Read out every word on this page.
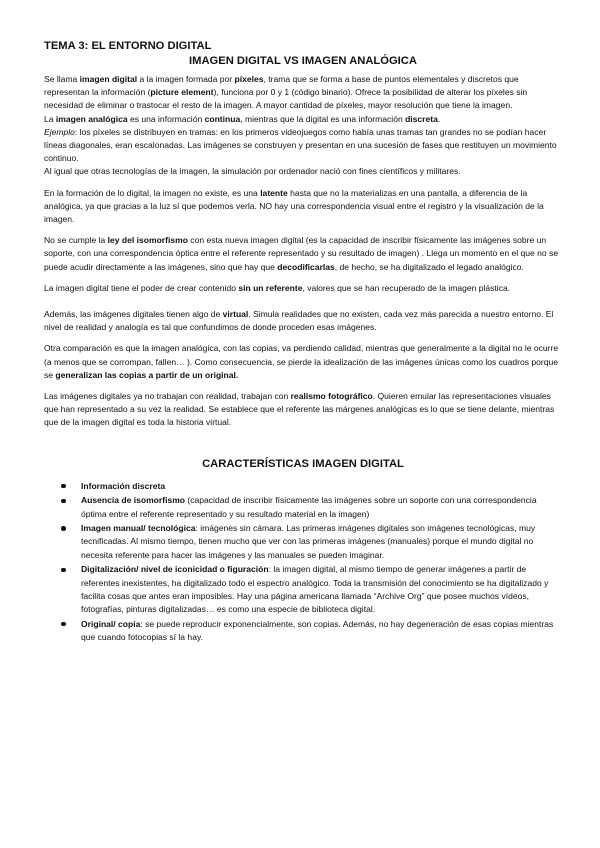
TEMA 3: EL ENTORNO DIGITAL
IMAGEN DIGITAL VS IMAGEN ANALÓGICA

Se llama imagen digital a la imagen formada por píxeles, trama que se forma a base de puntos elementales y discretos que representan la información (picture element), funciona por 0 y 1 (código binario). Ofrece la posibilidad de alterar los píxeles sin necesidad de eliminar o trastocar el resto de la imagen. A mayor cantidad de píxeles, mayor resolución que tiene la imagen.

La imagen analógica es una información continua, mientras que la digital es una información discreta.

Ejemplo: los píxeles se distribuyen en tramas: en los primeros videojuegos como había unas tramas tan grandes no se podían hacer líneas diagonales, eran escalonadas. Las imágenes se construyen y presentan en una sucesión de fases que restituyen un movimiento continuo.

Al igual que otras tecnologías de la imagen, la simulación por ordenador nació con fines científicos y militares.

En la formación de lo digital, la imagen no existe, es una latente hasta que no la materializas en una pantalla, a diferencia de la analógica, ya que gracias a la luz sí que podemos verla. NO hay una correspondencia visual entre el registro y la visualización de la imagen.

No se cumple la ley del isomorfismo con esta nueva imagen digital (es la capacidad de inscribir físicamente las imágenes sobre un soporte, con una correspondencia óptica entre el referente representado y su resultado de imagen) . Llega un momento en el que no se puede acudir directamente a las imágenes, sino que hay que decodificarlas, de hecho, se ha digitalizado el legado analógico.

La imagen digital tiene el poder de crear contenido sin un referente, valores que se han recuperado de la imagen plástica.

Además, las imágenes digitales tienen algo de virtual. Simula realidades que no existen, cada vez más parecida a nuestro entorno. El nivel de realidad y analogía es tal que confundimos de donde proceden esas imágenes.

Otra comparación es que la imagen analógica, con las copias, va perdiendo calidad, mientras que generalmente a la digital no le ocurre (a menos que se corrompan, fallen… ). Como consecuencia, se pierde la idealización de las imágenes únicas como los cuadros porque se generalizan las copias a partir de un original.

Las imágenes digitales ya no trabajan con realidad, trabajan con realismo fotográfico. Quieren emular las representaciones visuales que han representado a su vez la realidad. Se establece que el referente las márgenes analógicas es lo que se tiene delante, mientras que de la imagen digital es toda la historia virtual.

CARACTERÍSTICAS IMAGEN DIGITAL
Información discreta
Ausencia de isomorfismo (capacidad de inscribir físicamente las imágenes sobre un soporte con una correspondencia óptima entre el referente representado y su resultado material en la imagen)
Imagen manual/ tecnológica: imágenes sin cámara. Las primeras imágenes digitales son imágenes tecnológicas, muy tecnificadas. Al mismo tiempo, tienen mucho que ver con las primeras imágenes (manuales) porque el mundo digital no necesita referente para hacer las imágenes y las manuales se pueden imaginar.
Digitalización/ nivel de iconicidad o figuración: la imagen digital, al mismo tiempo de generar imágenes a partir de referentes inexistentes, ha digitalizado todo el espectro analógico. Toda la transmisión del conocimiento se ha digitalizado y facilita cosas que antes eran imposibles. Hay una página americana llamada “Archive Org” que posee muchos vídeos, fotografías, pinturas digitalizadas… es como una especie de biblioteca digital.
Original/ copia: se puede reproducir exponencialmente, son copias. Además, no hay degeneración de esas copias mientras que cuando fotocopias sí la hay.
